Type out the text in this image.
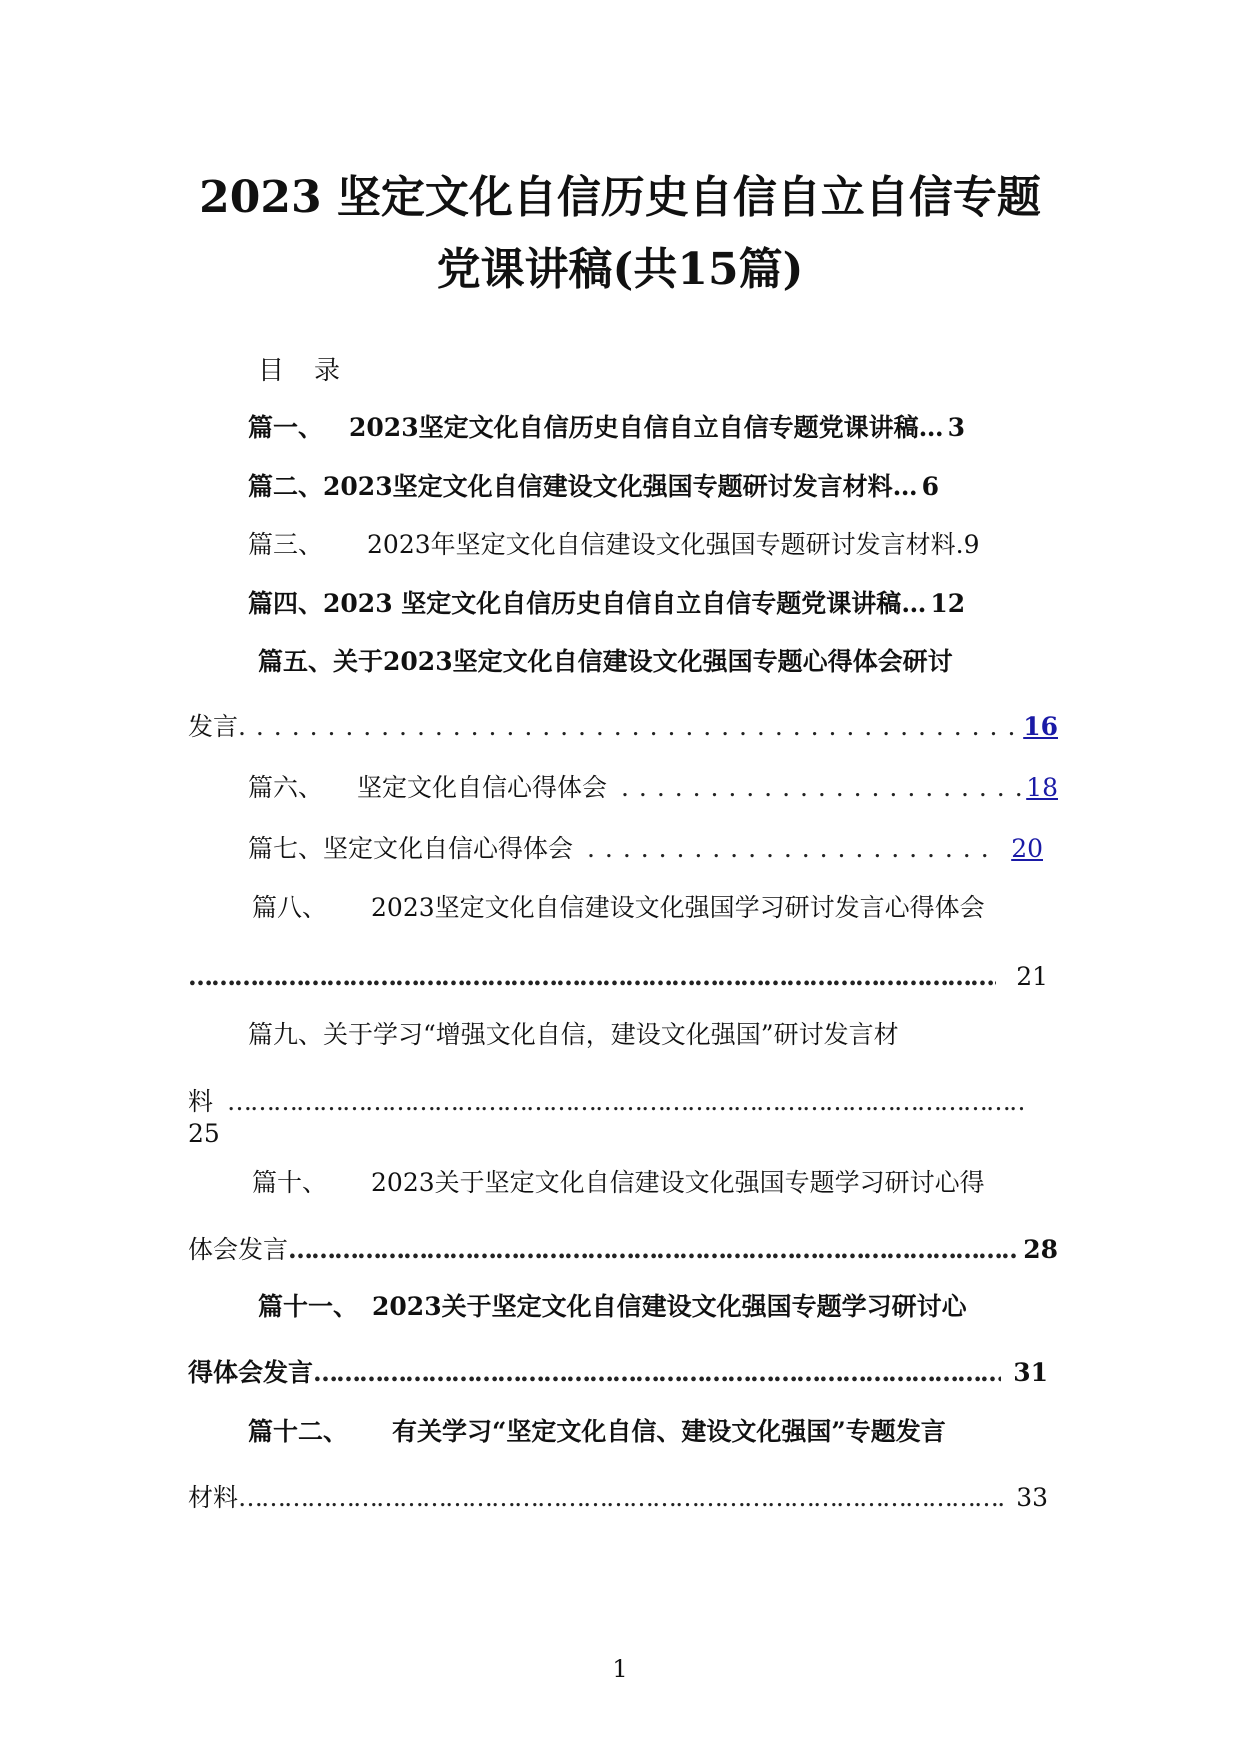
2023 坚定文化自信历史自信自立自信专题
党课讲稿(共15篇)
目 录
篇一、 2023坚定文化自信历史自信自立自信专题党课讲稿 … 3
篇二、 2023坚定文化自信建设文化强国专题研讨发言材料 … 6
篇三、 2023年坚定文化自信建设文化强国专题研讨发言材料 . 9
篇四、 2023 坚定文化自信历史自信自立自信专题党课讲稿 … 12
篇五、 关于2023坚定文化自信建设文化强国专题心得体会研讨
发言 . . .	16
篇六、 坚定文化自信心得体会 . . .	18
篇七、 坚定文化自信心得体会 . . .	20
篇八、 2023坚定文化自信建设文化强国学习研讨发言心得体会
…………………………………………………………………………………………………………………………………………………………………………………………………………………
21
篇九、 关于学习“增强文化自信，建设文化强国”研讨发言材
料
…………………………………………………………………………………………………………………………………………………………………………………………………………………
25
篇十、 2023关于坚定文化自信建设文化强国专题学习研讨心得
体会发言 …………………………………………………………………………………………………………………………………………………………………………………………………………………	28
篇十一、 2023关于坚定文化自信建设文化强国专题学习研讨心
得体会发言 …………………………………………………………………………………………………………………………………………………………………………………………………………………	31
篇十二、 有关学习“坚定文化自信、建设文化强国”专题发言
材料 …………………………………………………………………………………………………………………………………………………………………………………………………………………	33
1
